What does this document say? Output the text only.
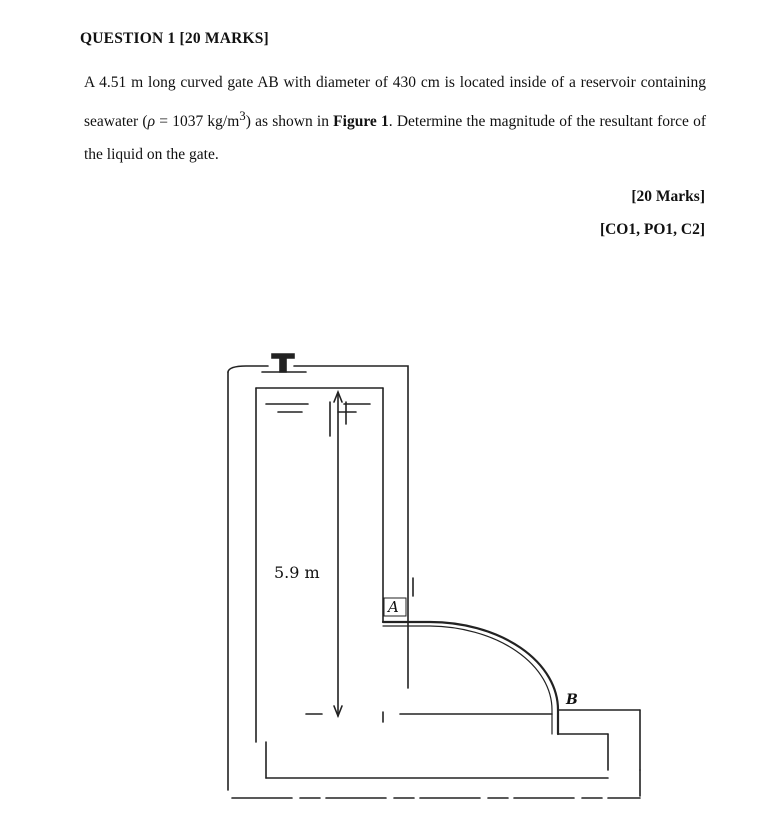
QUESTION 1 [20 MARKS]
A 4.51 m long curved gate AB with diameter of 430 cm is located inside of a reservoir containing seawater (ρ = 1037 $kg/m^3$) as shown in Figure 1. Determine the magnitude of the resultant force of the liquid on the gate.
[20 Marks]
[CO1, PO1, C2]
5.9 m
A
B
